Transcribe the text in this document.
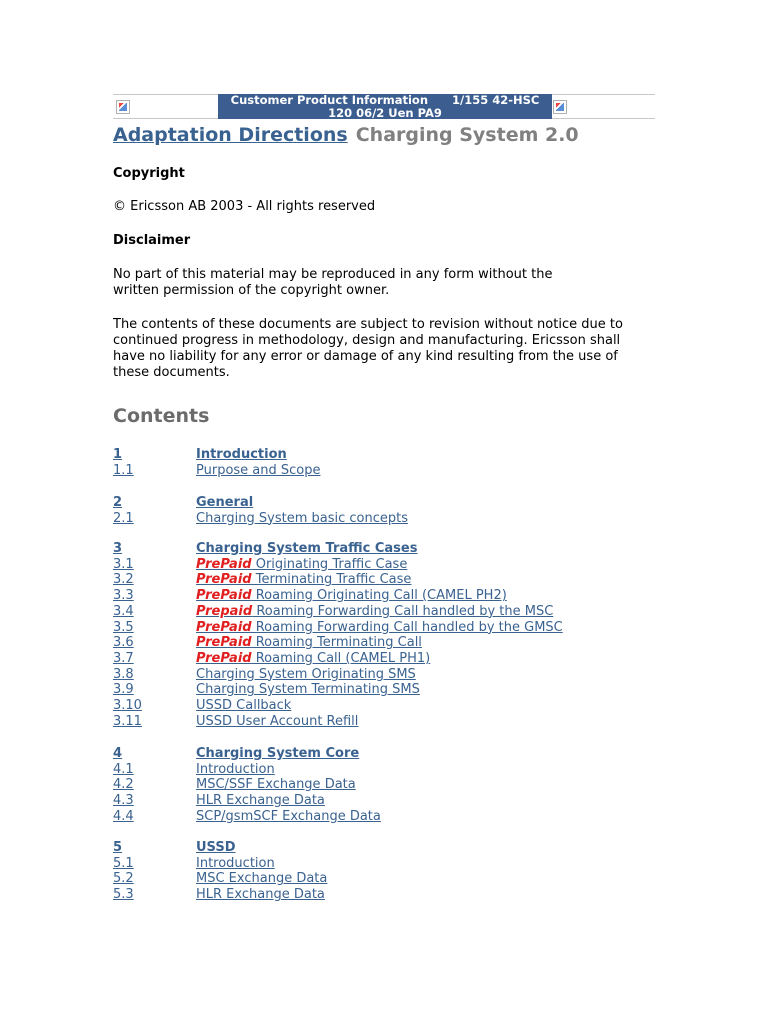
Customer Product Information      1/155 42-HSC
120 06/2 Uen PA9
Adaptation Directions Charging System 2.0
Copyright
© Ericsson AB 2003 - All rights reserved
Disclaimer
No part of this material may be reproduced in any form without the written permission of the copyright owner.
The contents of these documents are subject to revision without notice due to continued progress in methodology, design and manufacturing. Ericsson shall have no liability for any error or damage of any kind resulting from the use of these documents.
Contents
1	Introduction
1.1	Purpose and Scope
2	General
2.1	Charging System basic concepts
3	Charging System Traffic Cases
3.1	PrePaid Originating Traffic Case
3.2	PrePaid Terminating Traffic Case
3.3	PrePaid Roaming Originating Call (CAMEL PH2)
3.4	Prepaid Roaming Forwarding Call handled by the MSC
3.5	PrePaid Roaming Forwarding Call handled by the GMSC
3.6	PrePaid Roaming Terminating Call
3.7	PrePaid Roaming Call (CAMEL PH1)
3.8	Charging System Originating SMS
3.9	Charging System Terminating SMS
3.10	USSD Callback
3.11	USSD User Account Refill
4	Charging System Core
4.1	Introduction
4.2	MSC/SSF Exchange Data
4.3	HLR Exchange Data
4.4	SCP/gsmSCF Exchange Data
5	USSD
5.1	Introduction
5.2	MSC Exchange Data
5.3	HLR Exchange Data
